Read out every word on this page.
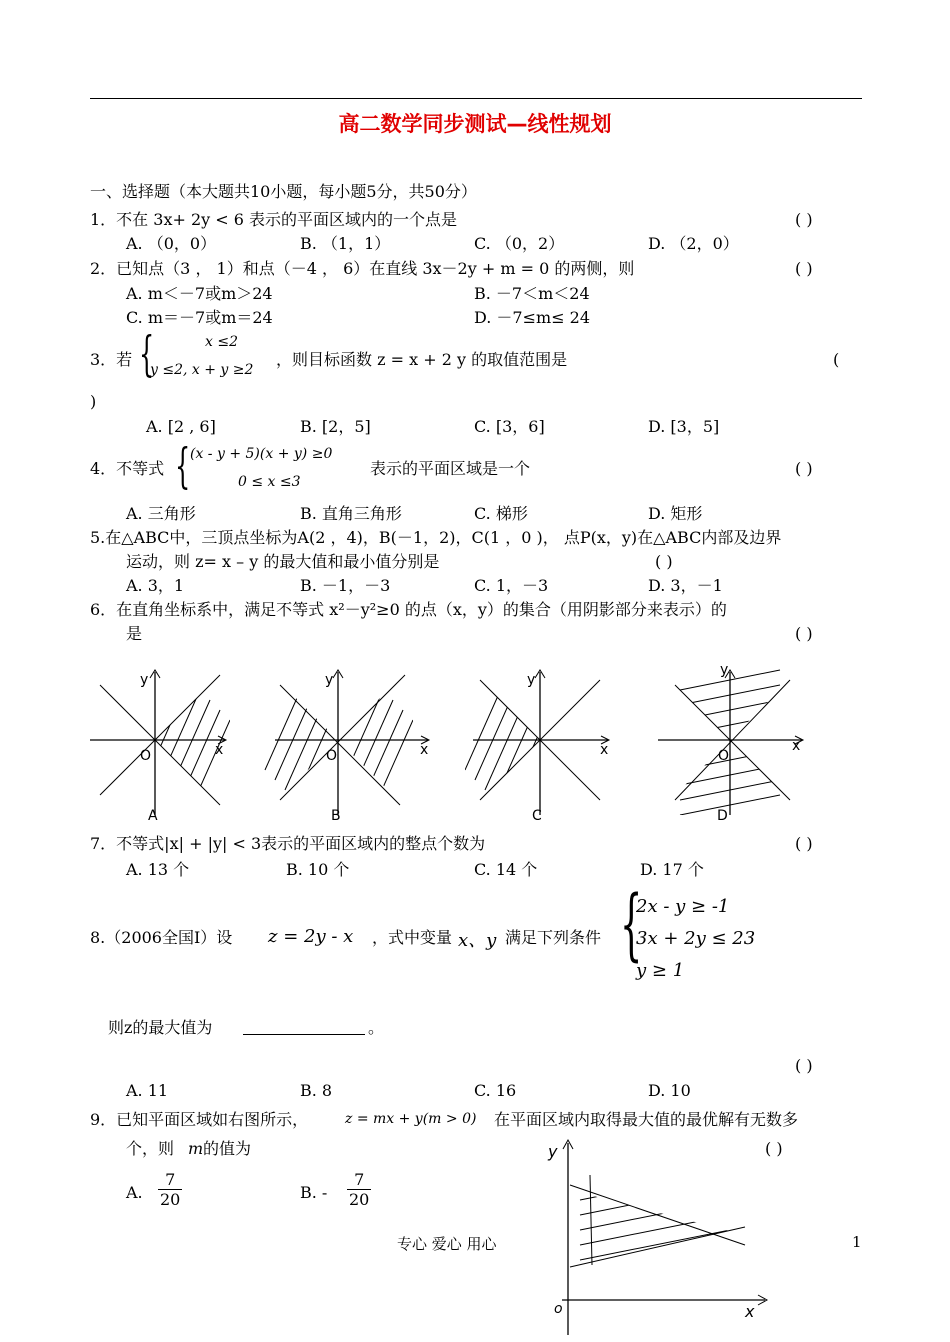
高二数学同步测试—线性规划
一、选择题（本大题共10小题，每小题5分，共50分）
1．不在 3x+ 2y < 6 表示的平面区域内的一个点是	( )
A. （0，0）	B. （1，1）	C. （0，2）	D. （2，0）
2．已知点（3 ， 1）和点（－4 ， 6）在直线 3x－2y + m = 0 的两侧，则	( )
A. m＜－7或m＞24	B. －7＜m＜24
C. m＝－7或m＝24	D. －7≤m≤ 24
3．若 {	x ≤2
y ≤2, x + y ≥2
，则目标函数 z = x + 2 y 的取值范围是	(
)
A. [2 , 6]	B. [2，5]	C. [3，6]	D. [3，5]
4．不等式 { (x - y + 5)(x + y) ≥0
0 ≤ x ≤3
表示的平面区域是一个	( )
A. 三角形	B. 直角三角形	C. 梯形	D. 矩形
5.在△ABC中，三顶点坐标为A(2 ，4)，B(－1，2)，C(1 ，0 )， 点P(x，y)在△ABC内部及边界
运动，则 z= x – y 的最大值和最小值分别是	( )
A. 3，1	B. －1，－3	C. 1，－3	D. 3，－1
6．在直角坐标系中，满足不等式 x²－y²≥0 的点（x，y）的集合（用阴影部分来表示）的
是	( )
y
x
O
A
y
x
O
B
y
x
C
y
x
O
D
7．不等式|x| + |y| < 3表示的平面区域内的整点个数为	( )
A. 13 个	B. 10 个	C. 14 个	D. 17 个
8.（2006全国Ⅰ）设 z = 2y - x ，式中变量 x、y 满足下列条件 {
2x - y ≥ -1
3x + 2y ≤ 23
y ≥ 1
则z的最大值为	。
( )
A. 11	B. 8	C. 16	D. 10
9．已知平面区域如右图所示，	z = mx + y(m > 0) 在平面区域内取得最大值的最优解有无数多
个，则 m 的值为	( )
A. $\frac{7}{20}$	B. - $\frac{7}{20}$
y
x
o
专心 爱心 用心	1
